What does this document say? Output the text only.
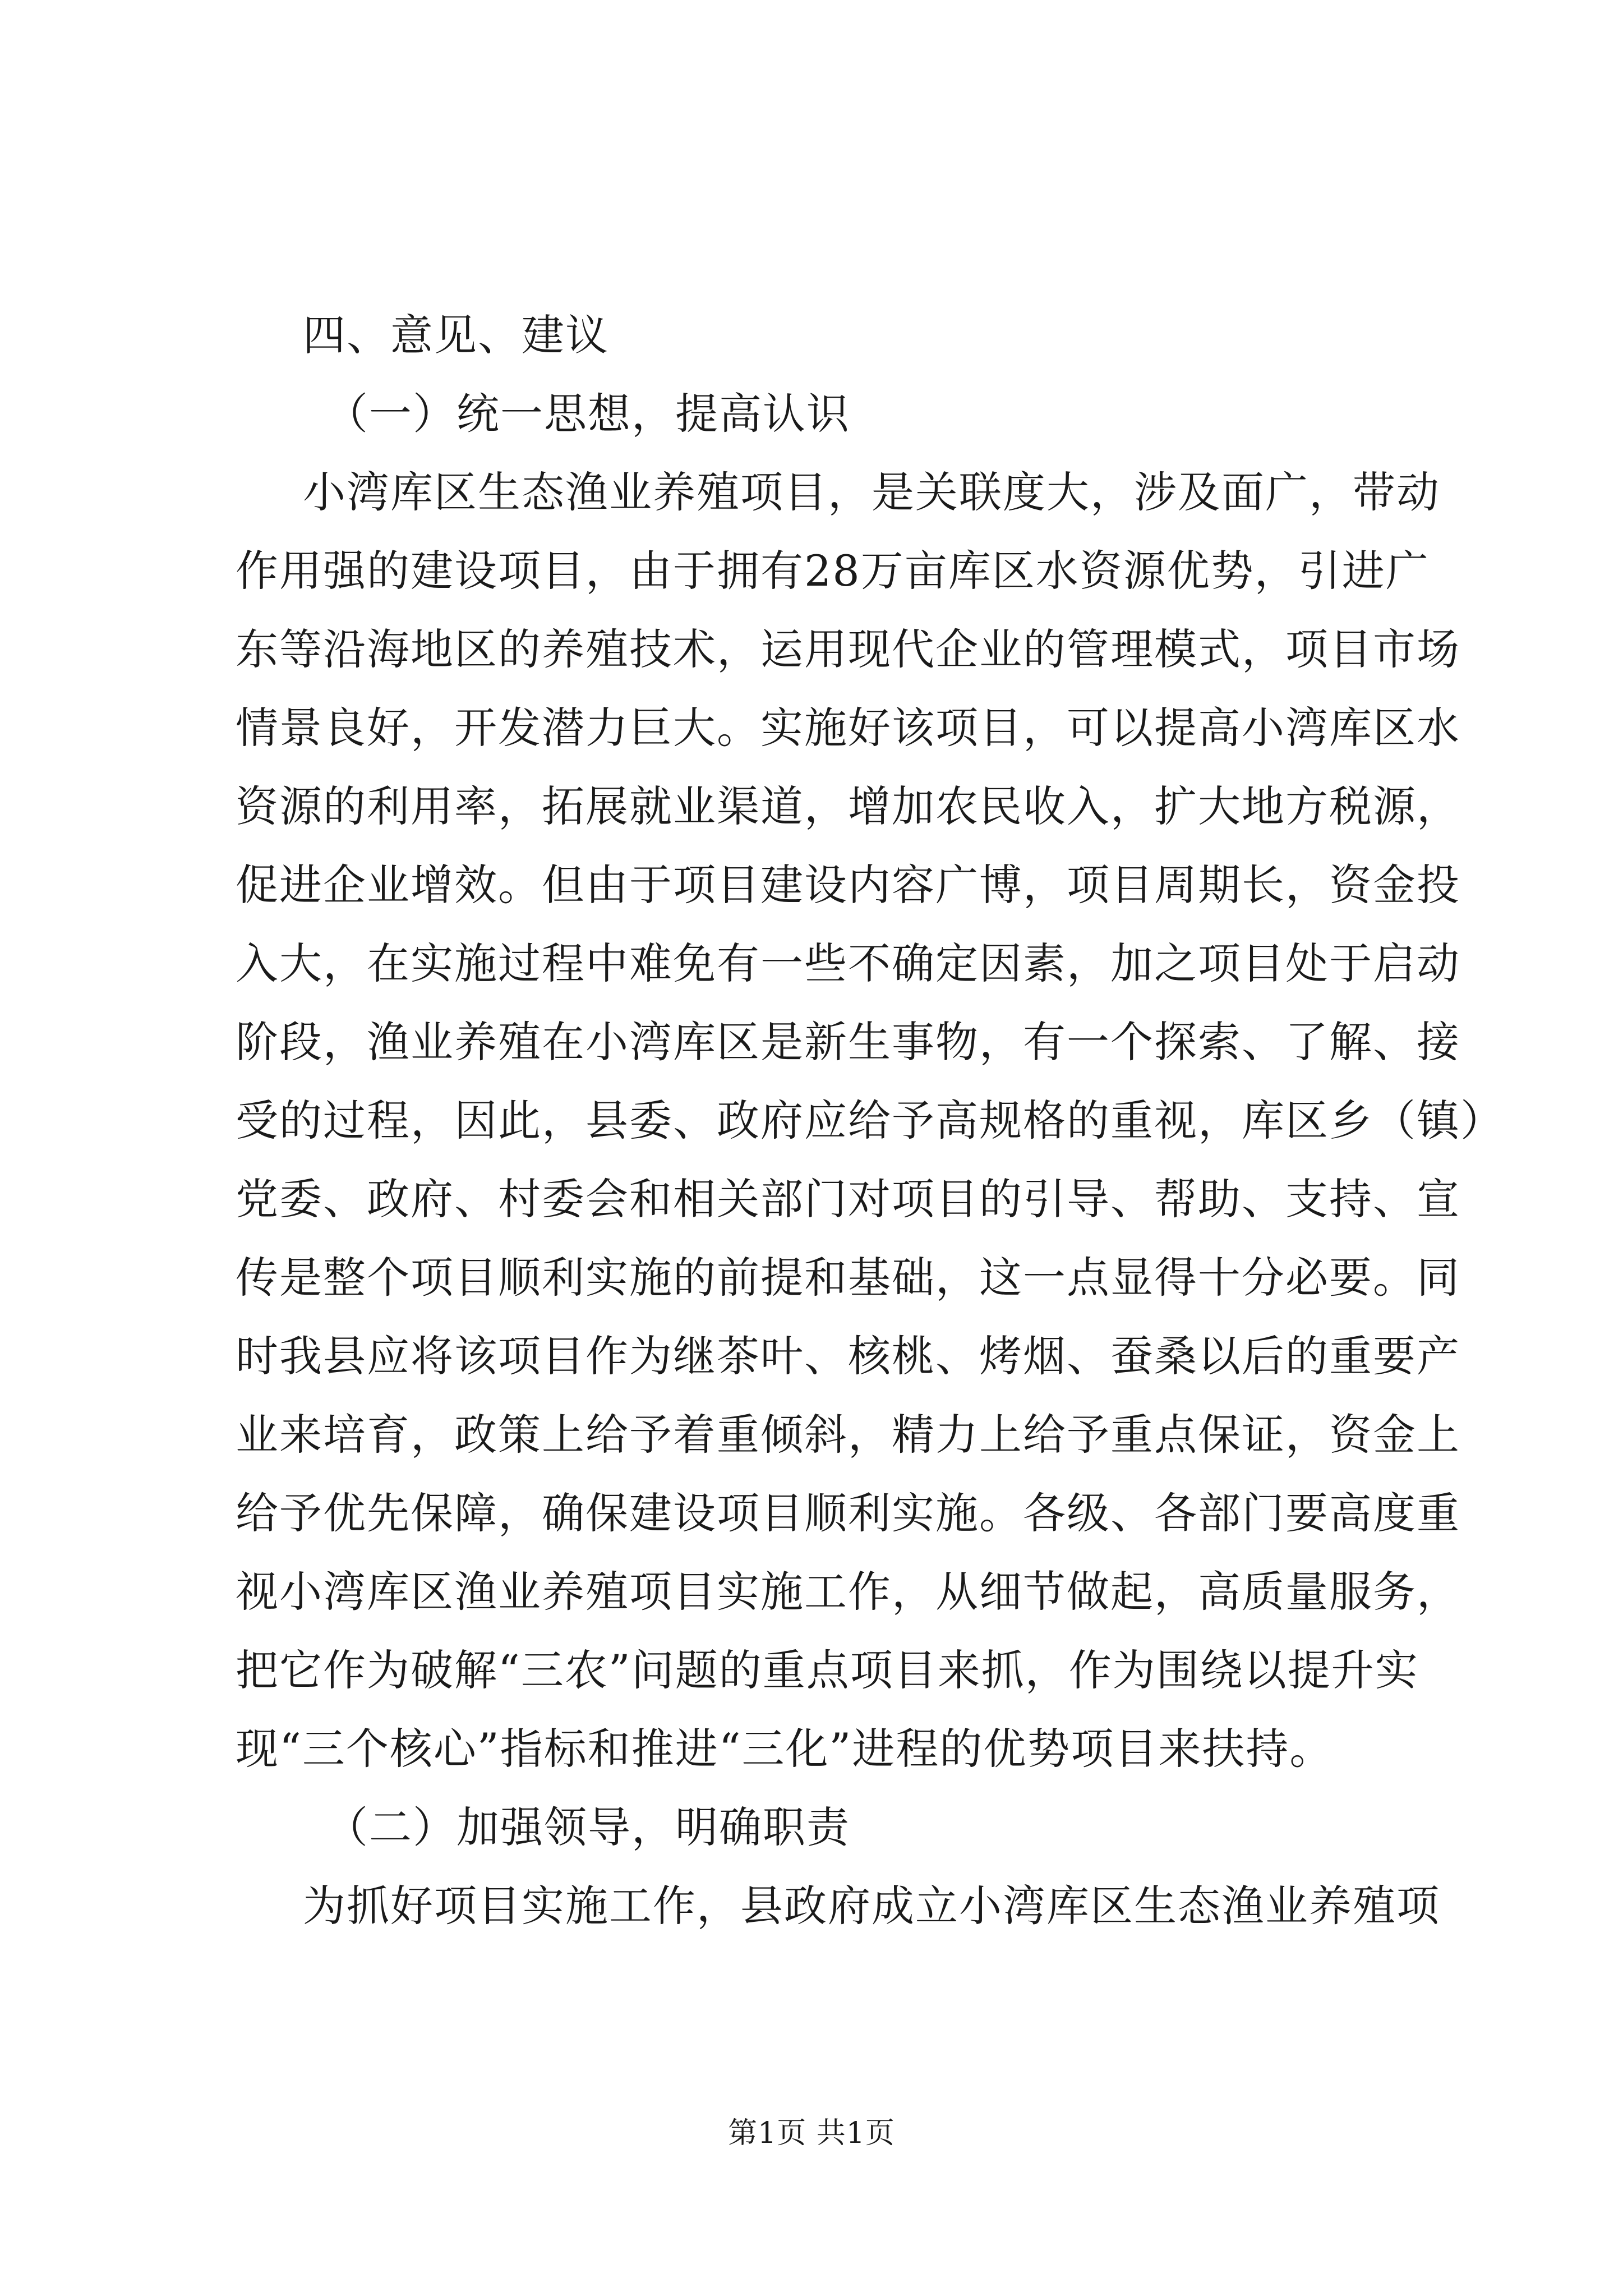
四、意见、建议

（一）统一思想，提高认识

小湾库区生态渔业养殖项目，是关联度大，涉及面广，带动

作用强的建设项目，由于拥有28万亩库区水资源优势，引进广

东等沿海地区的养殖技术，运用现代企业的管理模式，项目市场

情景良好，开发潜力巨大。实施好该项目，可以提高小湾库区水

资源的利用率，拓展就业渠道，增加农民收入，扩大地方税源，

促进企业增效。但由于项目建设内容广博，项目周期长，资金投

入大，在实施过程中难免有一些不确定因素，加之项目处于启动

阶段，渔业养殖在小湾库区是新生事物，有一个探索、了解、接

受的过程，因此，县委、政府应给予高规格的重视，库区乡（镇）

党委、政府、村委会和相关部门对项目的引导、帮助、支持、宣

传是整个项目顺利实施的前提和基础，这一点显得十分必要。同

时我县应将该项目作为继茶叶、核桃、烤烟、蚕桑以后的重要产

业来培育，政策上给予着重倾斜，精力上给予重点保证，资金上

给予优先保障，确保建设项目顺利实施。各级、各部门要高度重

视小湾库区渔业养殖项目实施工作，从细节做起，高质量服务，

把它作为破解“三农”问题的重点项目来抓，作为围绕以提升实

现“三个核心”指标和推进“三化”进程的优势项目来扶持。

（二）加强领导，明确职责

为抓好项目实施工作，县政府成立小湾库区生态渔业养殖项

第1页 共1页
